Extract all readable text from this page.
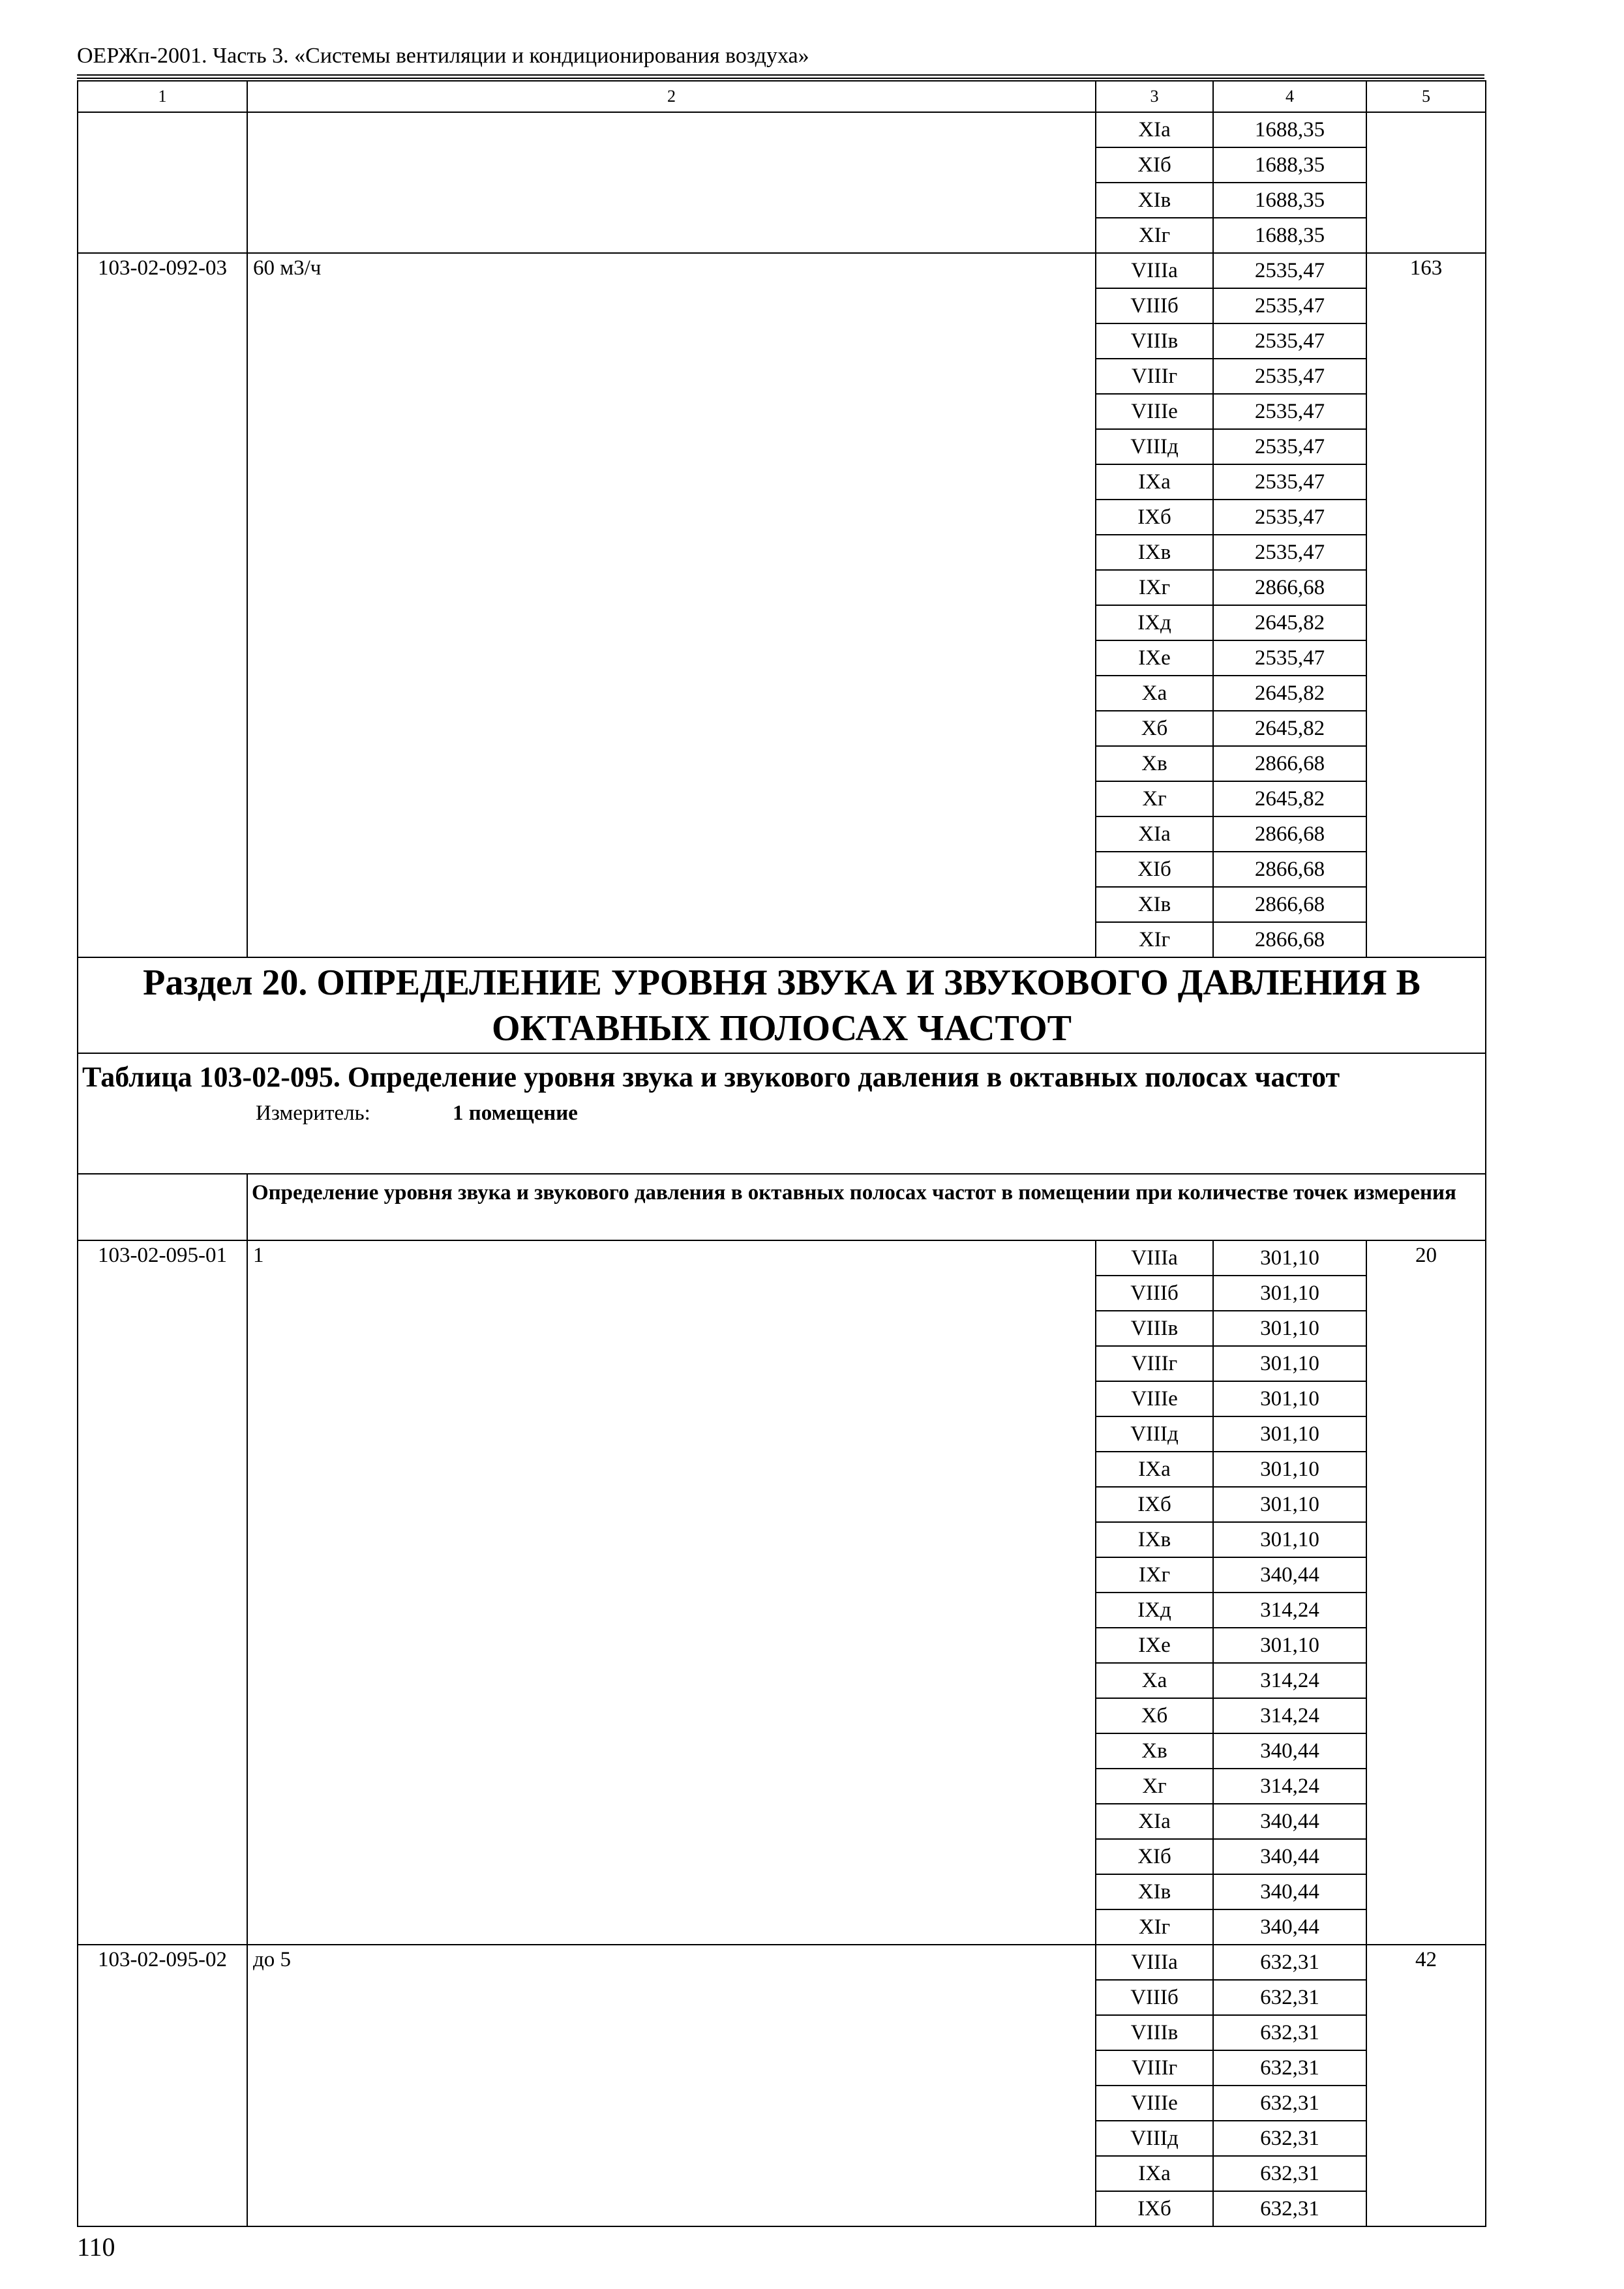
ОЕРЖп-2001. Часть 3. «Системы вентиляции и кондиционирования воздуха»
1	2	3	4	5
		XIа	1688,35	
		XIб	1688,35	
		XIв	1688,35	
		XIг	1688,35	
103-02-092-03	60 м3/ч	VIIIа	2535,47	163
		VIIIб	2535,47	
		VIIIв	2535,47	
		VIIIг	2535,47	
		VIIIе	2535,47	
		VIIIд	2535,47	
		IXа	2535,47	
		IXб	2535,47	
		IXв	2535,47	
		IXг	2866,68	
		IXд	2645,82	
		IXе	2535,47	
		Xа	2645,82	
		Xб	2645,82	
		Xв	2866,68	
		Xг	2645,82	
		XIа	2866,68	
		XIб	2866,68	
		XIв	2866,68	
		XIг	2866,68	
Раздел 20. ОПРЕДЕЛЕНИЕ УРОВНЯ ЗВУКА И ЗВУКОВОГО ДАВЛЕНИЯ В ОКТАВНЫХ ПОЛОСАХ ЧАСТОТ				

Таблица 103-02-095. Определение уровня звука и звукового давления в октавных полосах частот
Измеритель: 1 помещение				

	Определение уровня звука и звукового давления в октавных полосах частот в помещении при количестве точек измерения			
103-02-095-01	1	VIIIа	301,10	20
		VIIIб	301,10	
		VIIIв	301,10	
		VIIIг	301,10	
		VIIIе	301,10	
		VIIIд	301,10	
		IXа	301,10	
		IXб	301,10	
		IXв	301,10	
		IXг	340,44	
		IXд	314,24	
		IXе	301,10	
		Xа	314,24	
		Xб	314,24	
		Xв	340,44	
		Xг	314,24	
		XIа	340,44	
		XIб	340,44	
		XIв	340,44	
		XIг	340,44	
103-02-095-02	до 5	VIIIа	632,31	42
		VIIIб	632,31	
		VIIIв	632,31	
		VIIIг	632,31	
		VIIIе	632,31	
		VIIIд	632,31	
		IXа	632,31	
		IXб	632,31	
110
